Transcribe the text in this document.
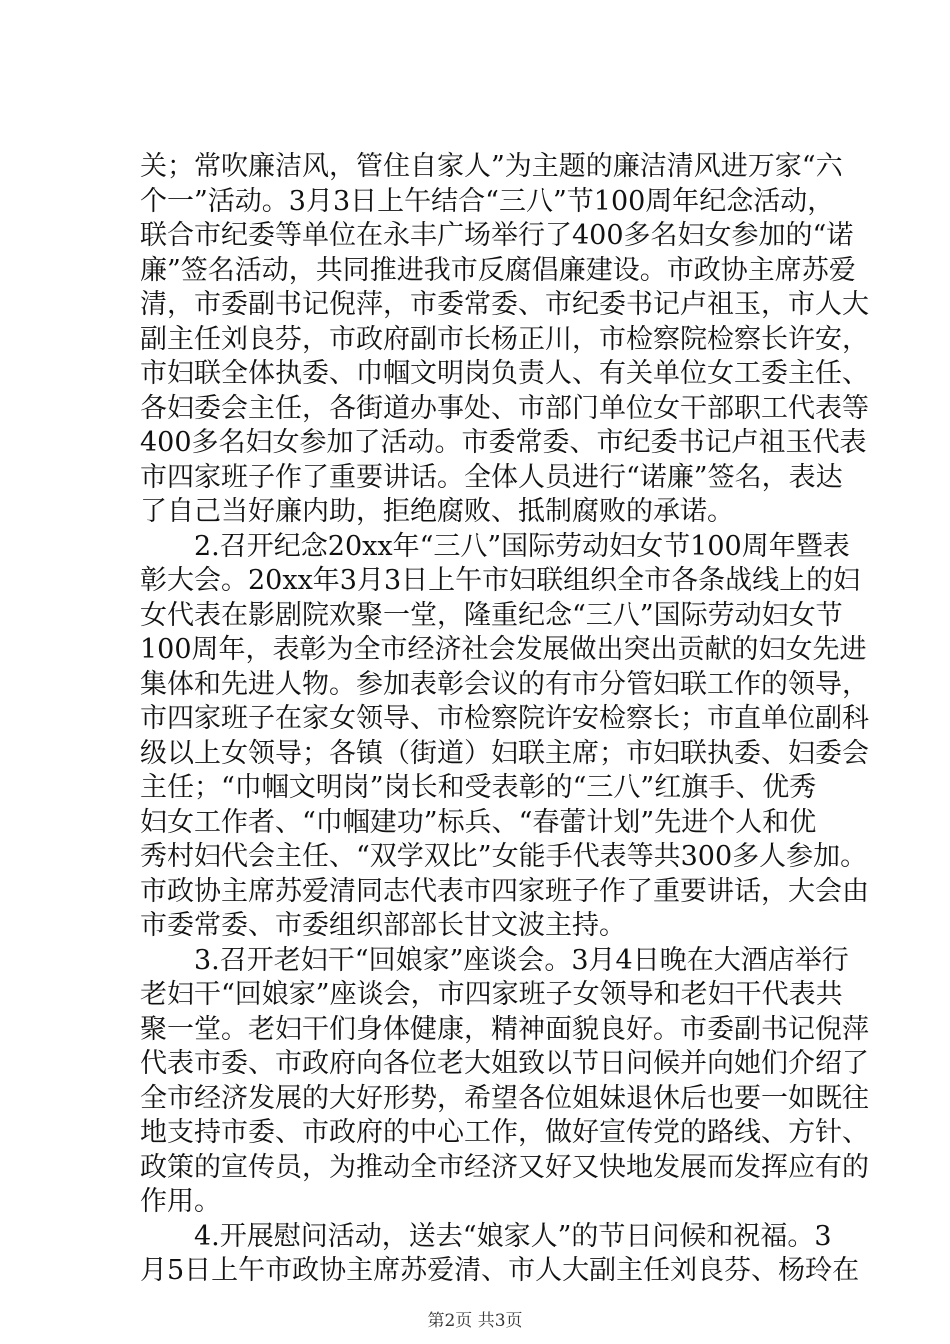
关；常吹廉洁风，管住自家人”为主题的廉洁清风进万家“六
个一”活动。3月3日上午结合“三八”节100周年纪念活动，
联合市纪委等单位在永丰广场举行了400多名妇女参加的“诺
廉”签名活动，共同推进我市反腐倡廉建设。市政协主席苏爱
清，市委副书记倪萍，市委常委、市纪委书记卢祖玉，市人大
副主任刘良芬，市政府副市长杨正川，市检察院检察长许安，
市妇联全体执委、巾帼文明岗负责人、有关单位女工委主任、
各妇委会主任，各街道办事处、市部门单位女干部职工代表等
400多名妇女参加了活动。市委常委、市纪委书记卢祖玉代表
市四家班子作了重要讲话。全体人员进行“诺廉”签名，表达
了自己当好廉内助，拒绝腐败、抵制腐败的承诺。
　　2.召开纪念20xx年“三八”国际劳动妇女节100周年暨表
彰大会。20xx年3月3日上午市妇联组织全市各条战线上的妇
女代表在影剧院欢聚一堂，隆重纪念“三八”国际劳动妇女节
100周年，表彰为全市经济社会发展做出突出贡献的妇女先进
集体和先进人物。参加表彰会议的有市分管妇联工作的领导，
市四家班子在家女领导、市检察院许安检察长；市直单位副科
级以上女领导；各镇（街道）妇联主席；市妇联执委、妇委会
主任；“巾帼文明岗”岗长和受表彰的“三八”红旗手、优秀
妇女工作者、“巾帼建功”标兵、“春蕾计划”先进个人和优
秀村妇代会主任、“双学双比”女能手代表等共300多人参加。
市政协主席苏爱清同志代表市四家班子作了重要讲话，大会由
市委常委、市委组织部部长甘文波主持。
　　3.召开老妇干“回娘家”座谈会。3月4日晚在大酒店举行
老妇干“回娘家”座谈会，市四家班子女领导和老妇干代表共
聚一堂。老妇干们身体健康，精神面貌良好。市委副书记倪萍
代表市委、市政府向各位老大姐致以节日问候并向她们介绍了
全市经济发展的大好形势，希望各位姐妹退休后也要一如既往
地支持市委、市政府的中心工作，做好宣传党的路线、方针、
政策的宣传员，为推动全市经济又好又快地发展而发挥应有的
作用。
　　4.开展慰问活动，送去“娘家人”的节日问候和祝福。3
月5日上午市政协主席苏爱清、市人大副主任刘良芬、杨玲在
第2页 共3页
